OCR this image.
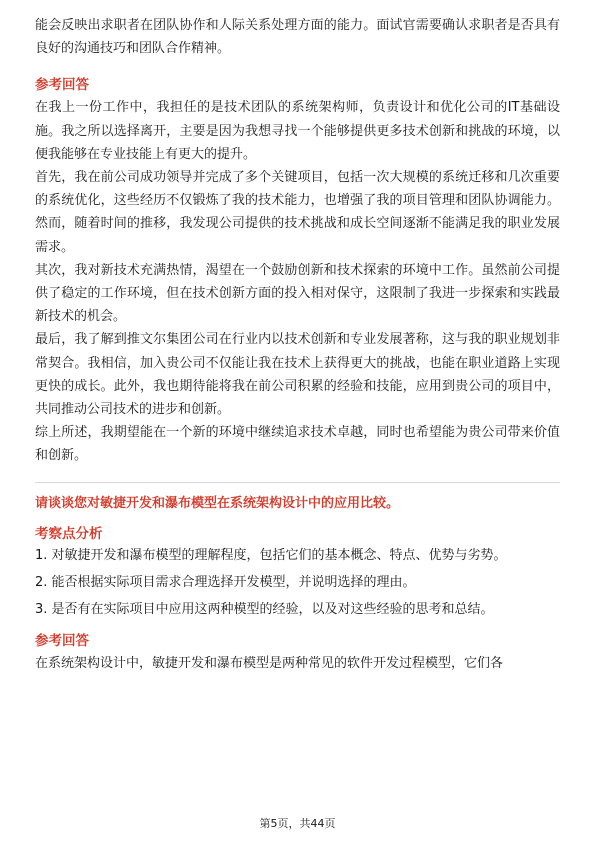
能会反映出求职者在团队协作和人际关系处理方面的能力。面试官需要确认求职者是否具有良好的沟通技巧和团队合作精神。

参考回答

在我上一份工作中，我担任的是技术团队的系统架构师，负责设计和优化公司的IT基础设施。我之所以选择离开，主要是因为我想寻找一个能够提供更多技术创新和挑战的环境，以便我能够在专业技能上有更大的提升。

首先，我在前公司成功领导并完成了多个关键项目，包括一次大规模的系统迁移和几次重要的系统优化，这些经历不仅锻炼了我的技术能力，也增强了我的项目管理和团队协调能力。然而，随着时间的推移，我发现公司提供的技术挑战和成长空间逐渐不能满足我的职业发展需求。

其次，我对新技术充满热情，渴望在一个鼓励创新和技术探索的环境中工作。虽然前公司提供了稳定的工作环境，但在技术创新方面的投入相对保守，这限制了我进一步探索和实践最新技术的机会。

最后，我了解到推文尔集团公司在行业内以技术创新和专业发展著称，这与我的职业规划非常契合。我相信，加入贵公司不仅能让我在技术上获得更大的挑战，也能在职业道路上实现更快的成长。此外，我也期待能将我在前公司积累的经验和技能，应用到贵公司的项目中，共同推动公司技术的进步和创新。

综上所述，我期望能在一个新的环境中继续追求技术卓越，同时也希望能为贵公司带来价值和创新。

请谈谈您对敏捷开发和瀑布模型在系统架构设计中的应用比较。
考察点分析
1. 对敏捷开发和瀑布模型的理解程度，包括它们的基本概念、特点、优势与劣势。
2. 能否根据实际项目需求合理选择开发模型，并说明选择的理由。
3. 是否有在实际项目中应用这两种模型的经验，以及对这些经验的思考和总结。
参考回答

在系统架构设计中，敏捷开发和瀑布模型是两种常见的软件开发过程模型，它们各

第5页，共44页
